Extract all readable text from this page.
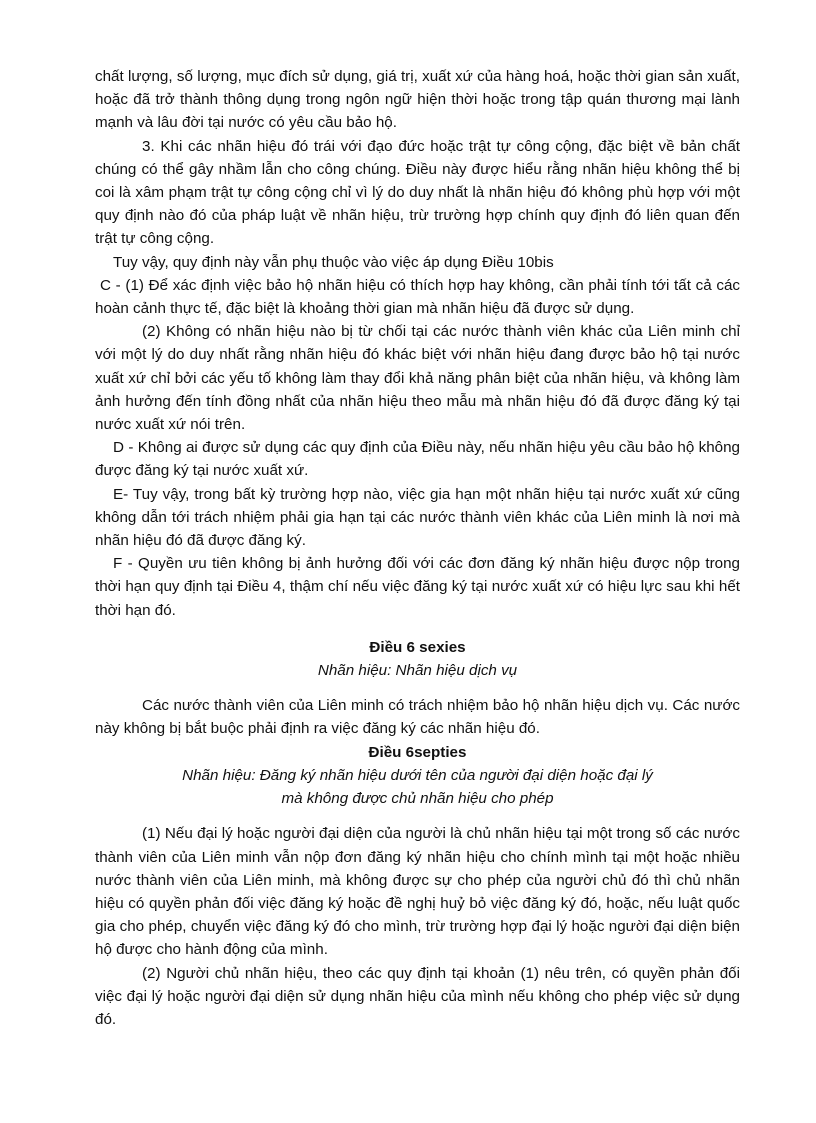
chất lượng, số lượng, mục đích sử dụng, giá trị, xuất xứ của hàng hoá, hoặc thời gian sản xuất, hoặc đã trở thành thông dụng trong ngôn ngữ hiện thời hoặc trong tập quán thương mại lành mạnh và lâu đời tại nước có yêu cầu bảo hộ.

3. Khi các nhãn hiệu đó trái với đạo đức hoặc trật tự công cộng, đặc biệt về bản chất chúng có thể gây nhầm lẫn cho công chúng. Điều này được hiểu rằng nhãn hiệu không thể bị coi là xâm phạm trật tự công cộng chỉ vì lý do duy nhất là nhãn hiệu đó không phù hợp với một quy định nào đó của pháp luật về nhãn hiệu, trừ trường hợp chính quy định đó liên quan đến trật tự công cộng.

Tuy vậy, quy định này vẫn phụ thuộc vào việc áp dụng Điều 10bis

C - (1) Để xác định việc bảo hộ nhãn hiệu có thích hợp hay không, cần phải tính tới tất cả các hoàn cảnh thực tế, đặc biệt là khoảng thời gian mà nhãn hiệu đã được sử dụng.

(2) Không có nhãn hiệu nào bị từ chối tại các nước thành viên khác của Liên minh chỉ với một lý do duy nhất rằng nhãn hiệu đó khác biệt với nhãn hiệu đang được bảo hộ tại nước xuất xứ chỉ bởi các yếu tố không làm thay đổi khả năng phân biệt của nhãn hiệu, và không làm ảnh hưởng đến tính đồng nhất của nhãn hiệu theo mẫu mà nhãn hiệu đó đã được đăng ký tại nước xuất xứ nói trên.

D - Không ai được sử dụng các quy định của Điều này, nếu nhãn hiệu yêu cầu bảo hộ không được đăng ký tại nước xuất xứ.

E- Tuy vậy, trong bất kỳ trường hợp nào, việc gia hạn một nhãn hiệu tại nước xuất xứ cũng không dẫn tới trách nhiệm phải gia hạn tại các nước thành viên khác của Liên minh là nơi mà nhãn hiệu đó đã được đăng ký.

F - Quyền ưu tiên không bị ảnh hưởng đối với các đơn đăng ký nhãn hiệu được nộp trong thời hạn quy định tại Điều 4, thậm chí nếu việc đăng ký tại nước xuất xứ có hiệu lực sau khi hết thời hạn đó.

Điều 6 sexies

Nhãn hiệu: Nhãn hiệu dịch vụ

Các nước thành viên của Liên minh có trách nhiệm bảo hộ nhãn hiệu dịch vụ. Các nước này không bị bắt buộc phải định ra việc đăng ký các nhãn hiệu đó.

Điều 6septies

Nhãn hiệu: Đăng ký nhãn hiệu dưới tên của người đại diện hoặc đại lý

mà không được chủ nhãn hiệu cho phép

(1) Nếu đại lý hoặc người đại diện của người là chủ nhãn hiệu tại một trong số các nước thành viên của Liên minh vẫn nộp đơn đăng ký nhãn hiệu cho chính mình tại một hoặc nhiều nước thành viên của Liên minh, mà không được sự cho phép của người chủ đó thì chủ nhãn hiệu có quyền phản đối việc đăng ký hoặc đề nghị huỷ bỏ việc đăng ký đó, hoặc, nếu luật quốc gia cho phép, chuyển việc đăng ký đó cho mình, trừ trường hợp đại lý hoặc người đại diện biện hộ được cho hành động của mình.

(2) Người chủ nhãn hiệu, theo các quy định tại khoản (1) nêu trên, có quyền phản đối việc đại lý hoặc người đại diện sử dụng nhãn hiệu của mình nếu không cho phép việc sử dụng đó.
